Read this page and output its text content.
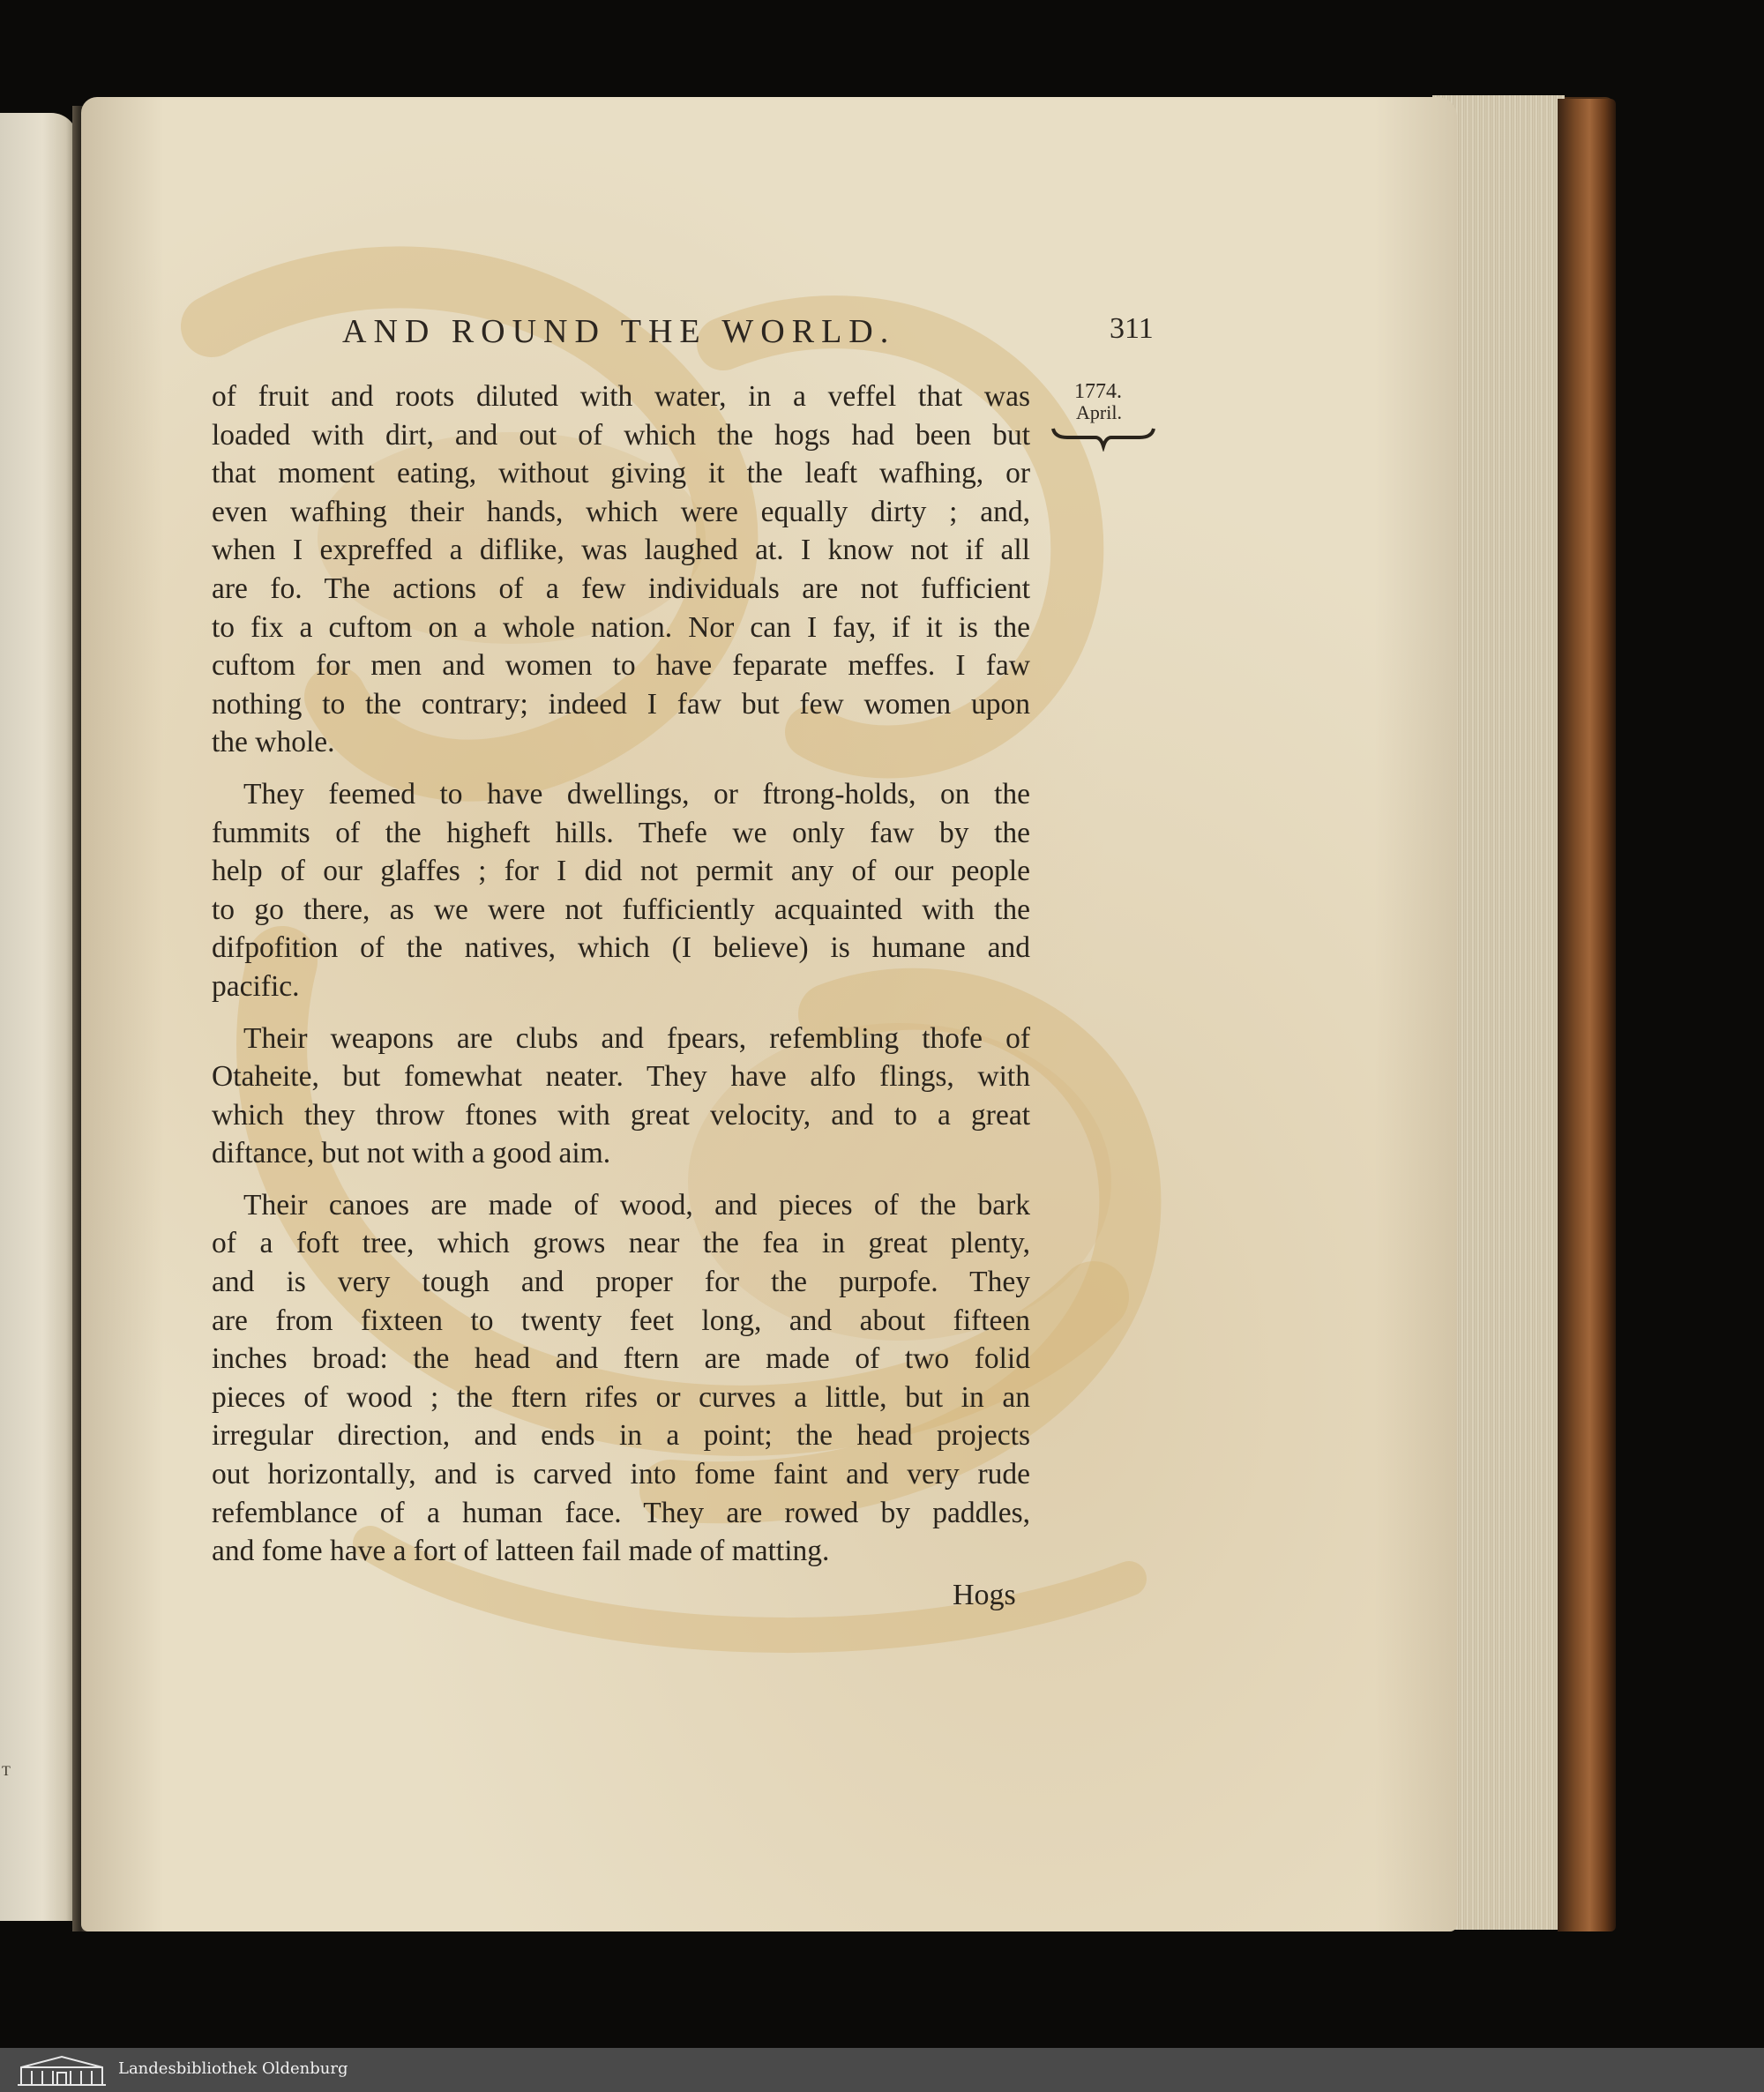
T
AND ROUND THE WORLD.	311
1774.
April.

of fruit and roots diluted with water, in a veffel that was
loaded with dirt, and out of which the hogs had been but
that moment eating, without giving it the leaft wafhing, or
even wafhing their hands, which were equally dirty ; and,
when I expreffed a diflike, was laughed at. I know not if all
are fo. The actions of a few individuals are not fufficient
to fix a cuftom on a whole nation. Nor can I fay, if it is the
cuftom for men and women to have feparate meffes. I faw
nothing to the contrary; indeed I faw but few women upon
the whole.

They feemed to have dwellings, or ftrong-holds, on the
fummits of the higheft hills. Thefe we only faw by the
help of our glaffes ; for I did not permit any of our people
to go there, as we were not fufficiently acquainted with the
difpofition of the natives, which (I believe) is humane and
pacific.

Their weapons are clubs and fpears, refembling thofe of
Otaheite, but fomewhat neater. They have alfo flings, with
which they throw ftones with great velocity, and to a great
diftance, but not with a good aim.

Their canoes are made of wood, and pieces of the bark
of a foft tree, which grows near the fea in great plenty,
and is very tough and proper for the purpofe. They
are from fixteen to twenty feet long, and about fifteen
inches broad: the head and ftern are made of two folid
pieces of wood ; the ftern rifes or curves a little, but in an
irregular direction, and ends in a point; the head projects
out horizontally, and is carved into fome faint and very rude
refemblance of a human face. They are rowed by paddles,
and fome have a fort of latteen fail made of matting.

Hogs
Landesbibliothek Oldenburg
